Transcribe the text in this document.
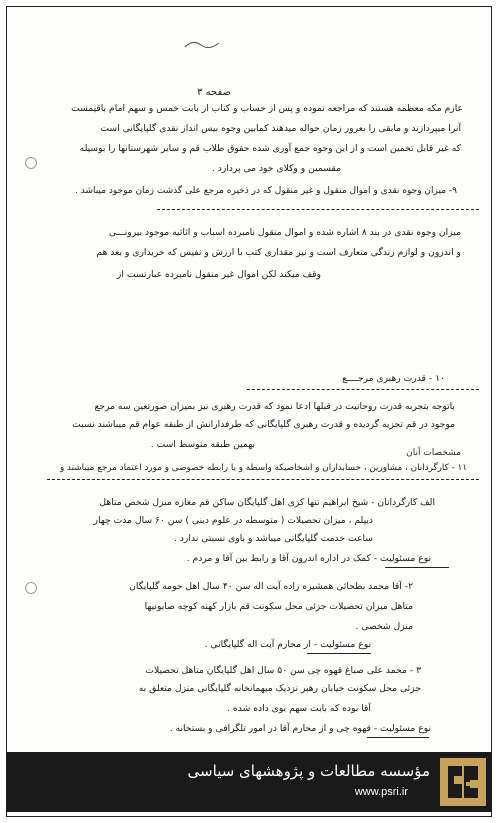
صفحه ۳
عازم مکه معظمه هستند که مراجعه نموده و پس از حساب و کتاب از بابت خمس و سهم امام باقیمست
آنرا میپردازند و مابقی را بعرور زمان حواله میدهند کمابین وجوه بیس انداز نقدی گلپایگانی است
که غیر قابل تخمین است و از این وجوه جمع آوری شده حقوق طلاب قم و سایر شهرستانها را بوسیله
مقسمین و وکلای خود می پردازد .
۹- میزان وجوه نقدی و اموال منقول و غیر منقول که در ذخیره مرجع علی گذشت زمان موجود میباشد .
میزان وجوه نقدی در بند ۸ اشاره شده و اموال منقول نامبرده اسباب و اثاثیه موجود بیرونـــی
و اندرون و لوازم زندگی متعارف است و نیز مقداری کتب با ارزش و نفیس که خریداری و بعد هم
وقف میکند لکن اموال غیر منقول نامبرده عبارتست از
۱۰ - قدرت رهبری مرجــــع
باتوجه بتجربه قدرت روحانیت در قبلها ادعا نمود که قدرت رهبری نیز بمیزان صورتعین سه مرجع
موجود در قم تجزیه گردیده و قدرت رهبری گلپایگانی که طرفدارانش از طبقه عوام قم میباشند نسبت
بهمین طبقه متوسط است .
مشخصات آنان
۱۱ - کارگردانان ، مشاورین ، حسابداران و اشخاصیکه واسطه و یا رابطه خصوصی و مورد اعتماد مرجع میباشند و
الف کارگردانان - شیخ ابراهیم تنها کری اهل گلپایگان ساکن قم مغازه منزل شخص متاهل
دیپلم ، میزان تحصیلات ( متوسطه در علوم دینی ) سن ۶۰ سال مدت چهار
ساعت خدمت گلپایگانی میباشد و باوی نسبتی ندارد .
نوع مسئولیت - کمک در اداره اندرون آقا و رابط بین آقا و مردم .
۲- آقا محمد بطحائی همشیره زاده آیت اله سن ۴۰ سال اهل حومه گلپایگان
متاهل میزان تحصیلات جزئی محل سکونت قم بازار کهنه کوچه صابونیها
منزل شخصی .
نوع مسئولیت - از محارم آیت اله گلپایگانی .
۳ - محمد علی صباغ قهوه چی سن ۵۰ سال اهل گلپایگان متاهل تحصیلات
جزئی محل سکونت خیابان رهبر نزدیک میهمانخانه گلپایگانی منزل متعلق به
آقا بوده که بابت سهم بوی داده شده .
نوع مسئولیت - قهوه چی و از محارم آقا در امور تلگرافی و بستخانه .
مؤسسه مطالعات و پژوهشهای سیاسی
www.psri.ir
